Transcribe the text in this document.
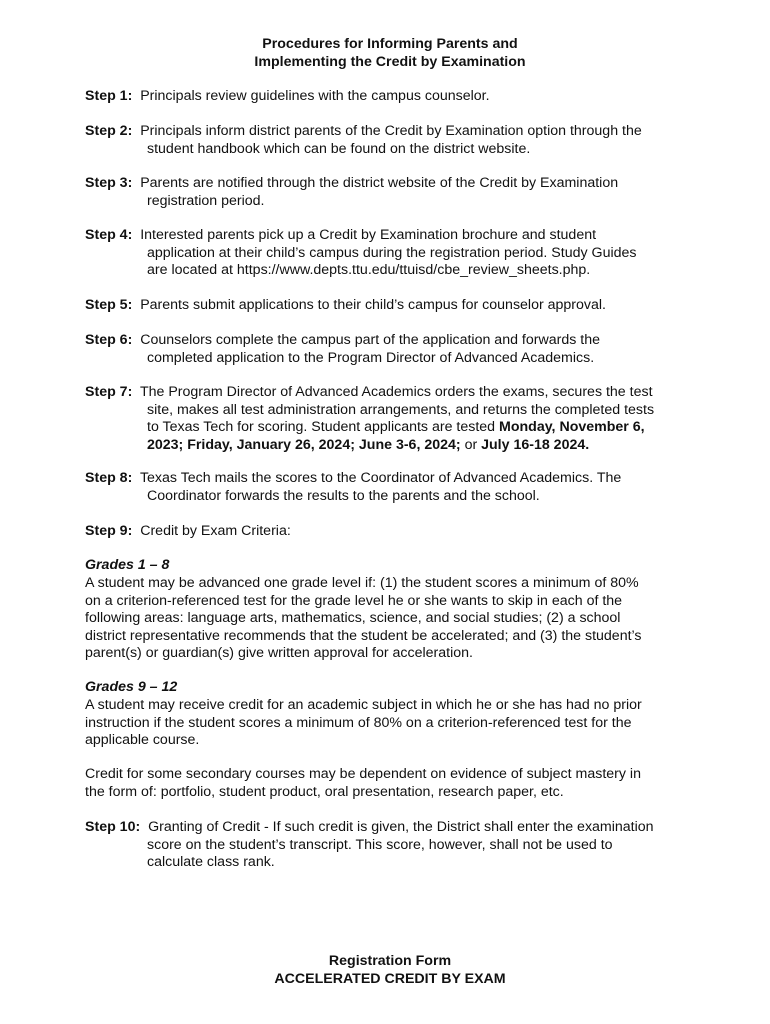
Procedures for Informing Parents and
Implementing the Credit by Examination
Step 1: Principals review guidelines with the campus counselor.
Step 2: Principals inform district parents of the Credit by Examination option through the
student handbook which can be found on the district website.
Step 3: Parents are notified through the district website of the Credit by Examination
registration period.
Step 4: Interested parents pick up a Credit by Examination brochure and student
application at their child’s campus during the registration period. Study Guides
are located at https://www.depts.ttu.edu/ttuisd/cbe_review_sheets.php.
Step 5: Parents submit applications to their child’s campus for counselor approval.
Step 6: Counselors complete the campus part of the application and forwards the
completed application to the Program Director of Advanced Academics.
Step 7: The Program Director of Advanced Academics orders the exams, secures the test
site, makes all test administration arrangements, and returns the completed tests
to Texas Tech for scoring. Student applicants are tested Monday, November 6,
2023; Friday, January 26, 2024; June 3-6, 2024; or July 16-18 2024.
Step 8: Texas Tech mails the scores to the Coordinator of Advanced Academics. The
Coordinator forwards the results to the parents and the school.
Step 9: Credit by Exam Criteria:
Grades 1 – 8
A student may be advanced one grade level if: (1) the student scores a minimum of 80%
on a criterion-referenced test for the grade level he or she wants to skip in each of the
following areas: language arts, mathematics, science, and social studies; (2) a school
district representative recommends that the student be accelerated; and (3) the student’s
parent(s) or guardian(s) give written approval for acceleration.
Grades 9 – 12
A student may receive credit for an academic subject in which he or she has had no prior
instruction if the student scores a minimum of 80% on a criterion-referenced test for the
applicable course.
Credit for some secondary courses may be dependent on evidence of subject mastery in
the form of: portfolio, student product, oral presentation, research paper, etc.
Step 10: Granting of Credit - If such credit is given, the District shall enter the examination
score on the student’s transcript. This score, however, shall not be used to
calculate class rank.
Registration Form
ACCELERATED CREDIT BY EXAM
